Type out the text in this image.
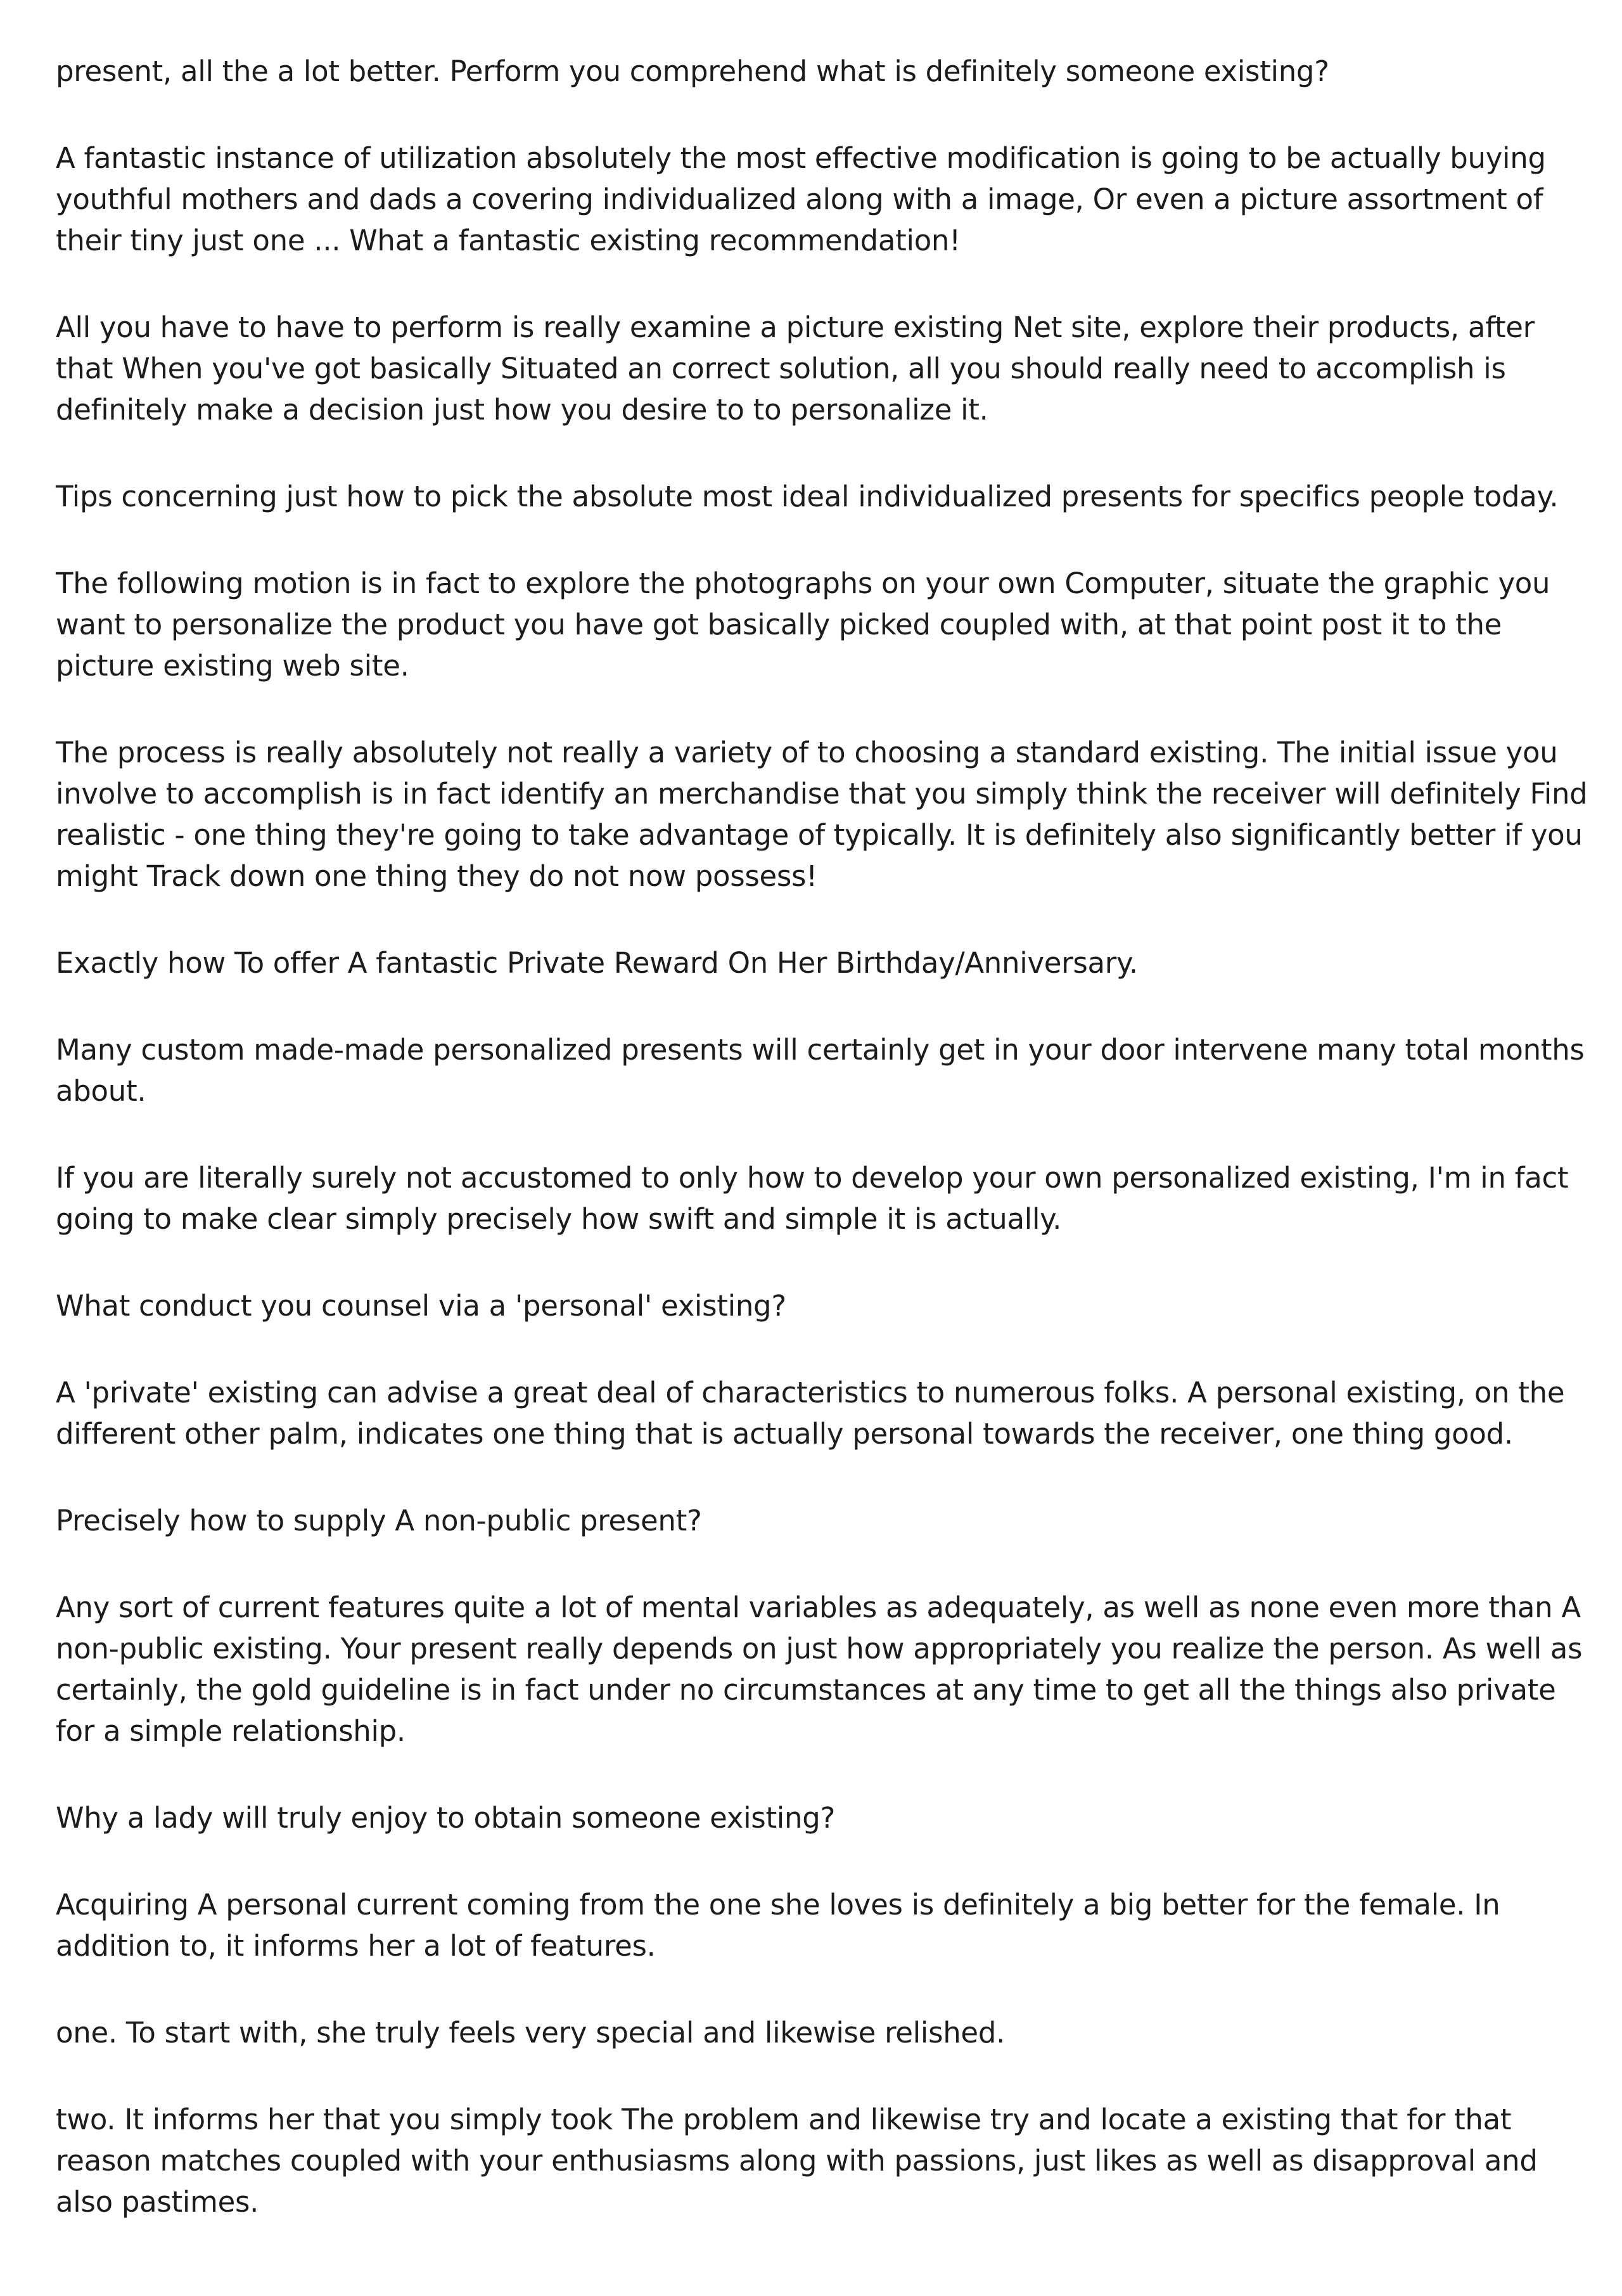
present, all the a lot better. Perform you comprehend what is definitely someone existing?

A fantastic instance of utilization absolutely the most effective modification is going to be actually buying youthful mothers and dads a covering individualized along with a image, Or even a picture assortment of their tiny just one ... What a fantastic existing recommendation!

All you have to have to perform is really examine a picture existing Net site, explore their products, after that When you've got basically Situated an correct solution, all you should really need to accomplish is definitely make a decision just how you desire to to personalize it.

Tips concerning just how to pick the absolute most ideal individualized presents for specifics people today.

The following motion is in fact to explore the photographs on your own Computer, situate the graphic you want to personalize the product you have got basically picked coupled with, at that point post it to the picture existing web site.

The process is really absolutely not really a variety of to choosing a standard existing. The initial issue you involve to accomplish is in fact identify an merchandise that you simply think the receiver will definitely Find realistic - one thing they're going to take advantage of typically. It is definitely also significantly better if you might Track down one thing they do not now possess!

Exactly how To offer A fantastic Private Reward On Her Birthday/Anniversary.

Many custom made-made personalized presents will certainly get in your door intervene many total months about.

If you are literally surely not accustomed to only how to develop your own personalized existing, I'm in fact going to make clear simply precisely how swift and simple it is actually.

What conduct you counsel via a 'personal' existing?

A 'private' existing can advise a great deal of characteristics to numerous folks. A personal existing, on the different other palm, indicates one thing that is actually personal towards the receiver, one thing good.

Precisely how to supply A non-public present?

Any sort of current features quite a lot of mental variables as adequately, as well as none even more than A non-public existing. Your present really depends on just how appropriately you realize the person. As well as certainly, the gold guideline is in fact under no circumstances at any time to get all the things also private for a simple relationship.

Why a lady will truly enjoy to obtain someone existing?

Acquiring A personal current coming from the one she loves is definitely a big better for the female. In addition to, it informs her a lot of features.

one. To start with, she truly feels very special and likewise relished.

two. It informs her that you simply took The problem and likewise try and locate a existing that for that reason matches coupled with your enthusiasms along with passions, just likes as well as disapproval and also pastimes.
